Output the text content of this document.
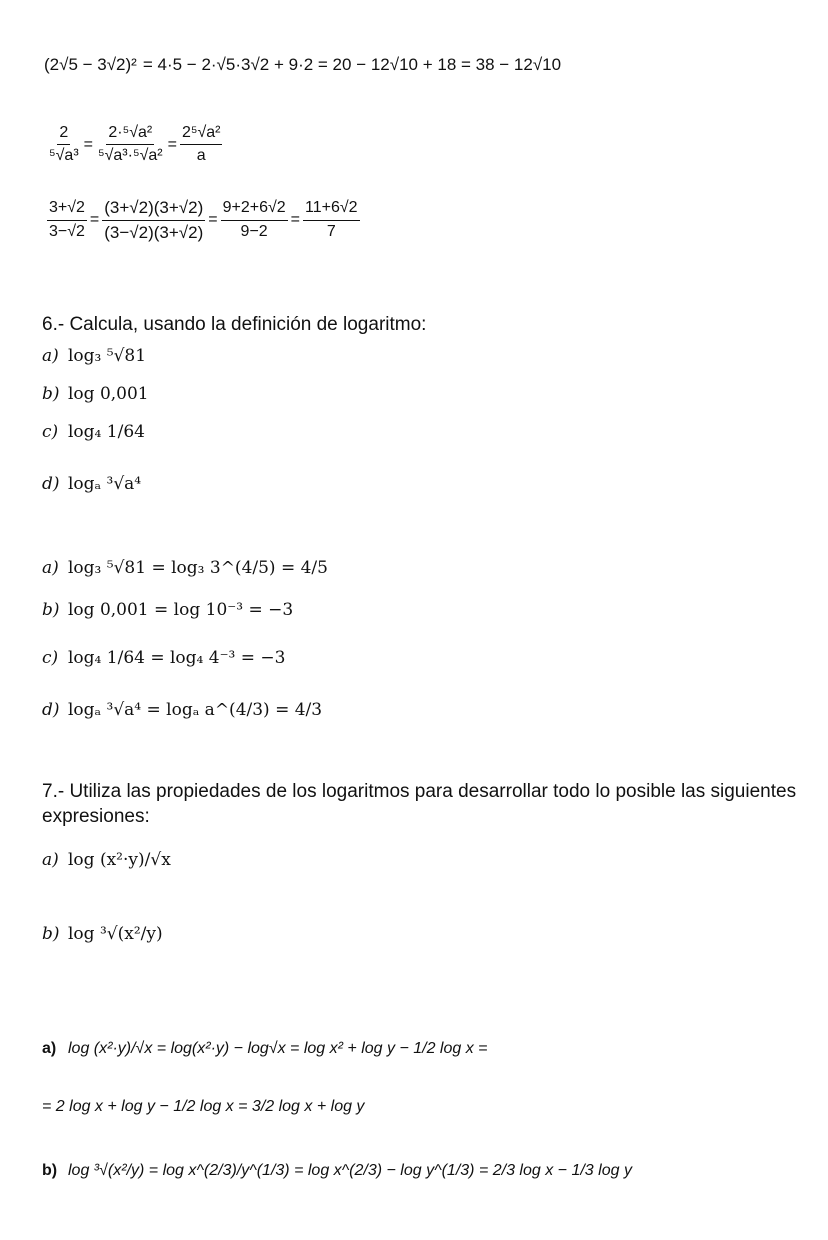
(2√5 − 3√2)² = 4·5 − 2·√5·3√2 + 9·2 = 20 − 12√10 + 18 = 38 − 12√10
$\frac{2}{\text{⁵√a³}} = \frac{\text{2·⁵√a²}}{\text{⁵√a³·⁵√a²}} = \frac{\text{2⁵√a²}}{a}$
$\frac{3+√2}{3-√2} = \frac{(3+√2)(3+√2)}{(3-√2)(3+√2)} = \frac{9+2+6√2}{9-2} = \frac{11+6√2}{7}$
6.- Calcula, usando la definición de logaritmo:
a) log₃ ⁵√81
b) log 0,001
c) log₄ 1/64
d) logₐ ³√a⁴
a) log₃ ⁵√81 = log₃ 3^(4/5) = 4/5
b) log 0,001 = log 10⁻³ = −3
c) log₄ 1/64 = log₄ 4⁻³ = −3
d) logₐ ³√a⁴ = logₐ a^(4/3) = 4/3
7.- Utiliza las propiedades de los logaritmos para desarrollar todo lo posible las siguientes
expresiones:
a) log (x²·y)/√x
b) log ³√(x²/y)
a) log (x²·y)/√x = log(x²·y) − log√x = log x² + log y − 1/2 log x =
= 2 log x + log y − 1/2 log x = 3/2 log x + log y
b) log ³√(x²/y) = log x^(2/3)/y^(1/3) = log x^(2/3) − log y^(1/3) = 2/3 log x − 1/3 log y
